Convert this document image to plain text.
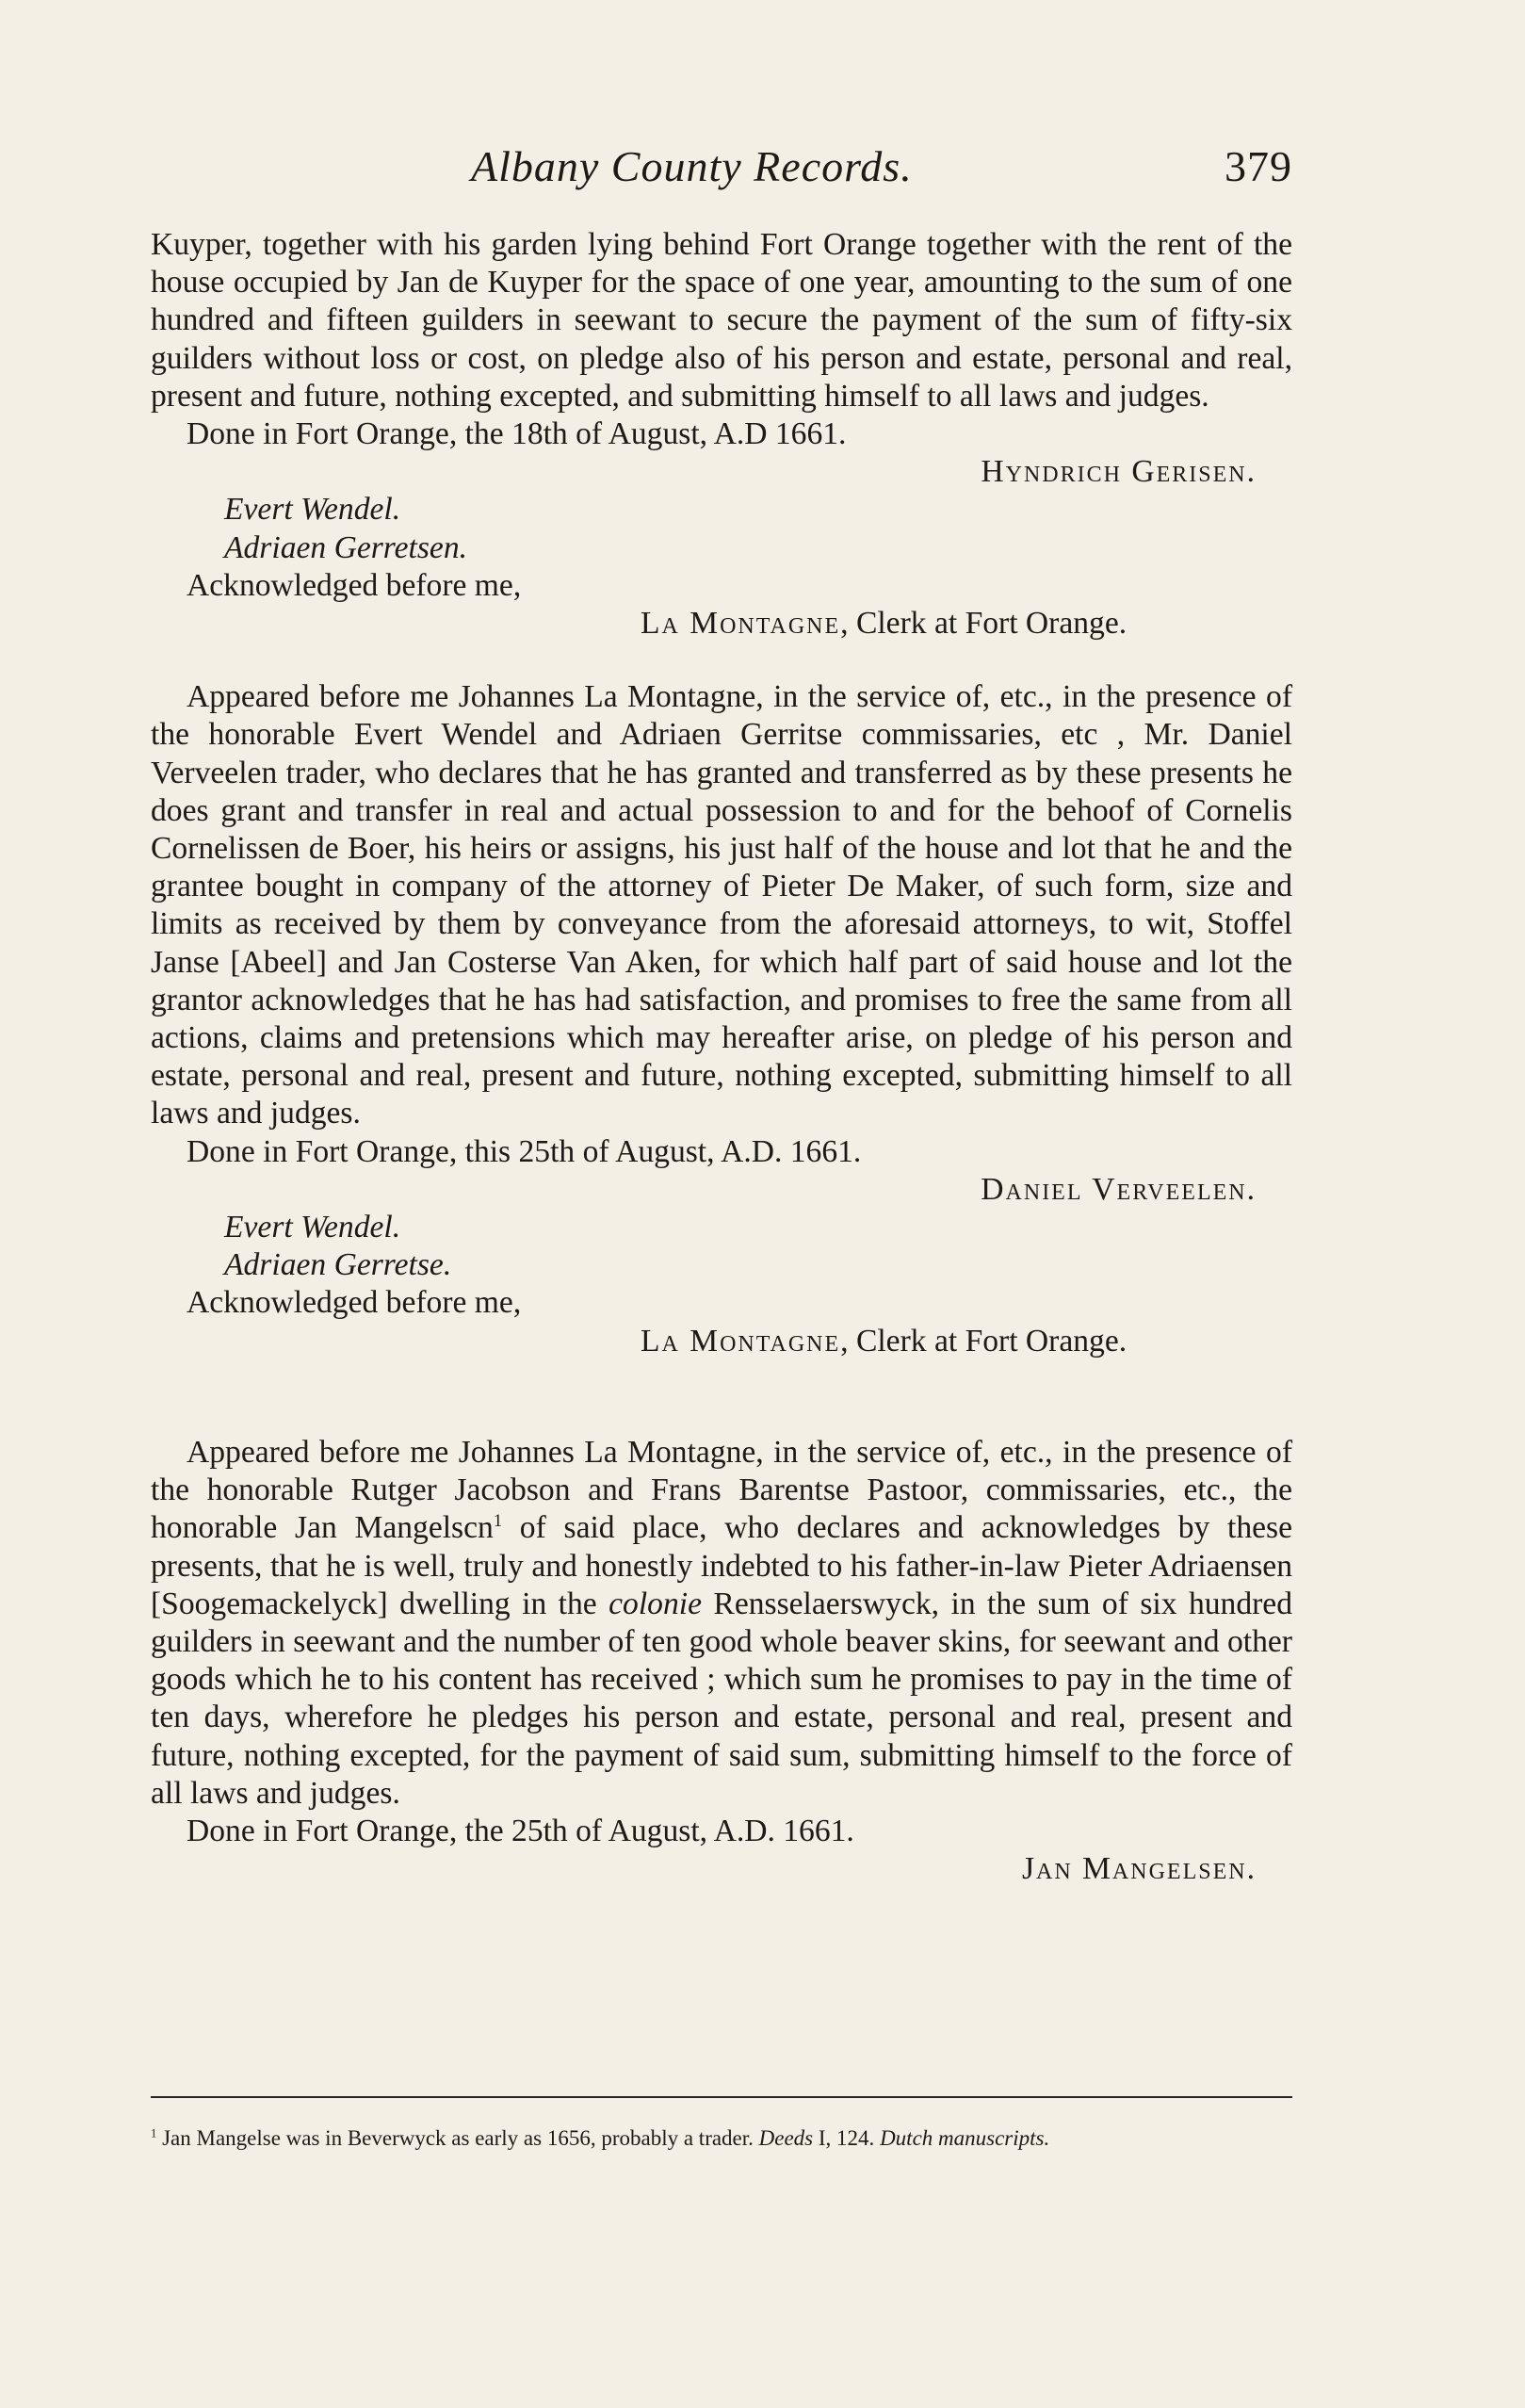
Albany County Records.	379

Kuyper, together with his garden lying behind Fort Orange together with the rent of the house occupied by Jan de Kuyper for the space of one year, amounting to the sum of one hundred and fifteen guilders in seewant to secure the payment of the sum of fifty-six guilders without loss or cost, on pledge also of his person and estate, personal and real, present and future, nothing excepted, and submitting himself to all laws and judges.

Done in Fort Orange, the 18th of August, A.D 1661.

Hyndrich Gerisen.

Evert Wendel.

Adriaen Gerretsen.

Acknowledged before me,

La Montagne, Clerk at Fort Orange.

Appeared before me Johannes La Montagne, in the service of, etc., in the presence of the honorable Evert Wendel and Adriaen Gerritse commissaries, etc , Mr. Daniel Verveelen trader, who declares that he has granted and transferred as by these presents he does grant and transfer in real and actual possession to and for the behoof of Cornelis Cornelissen de Boer, his heirs or assigns, his just half of the house and lot that he and the grantee bought in company of the attorney of Pieter De Maker, of such form, size and limits as received by them by conveyance from the aforesaid attorneys, to wit, Stoffel Janse [Abeel] and Jan Costerse Van Aken, for which half part of said house and lot the grantor acknowledges that he has had satisfaction, and promises to free the same from all actions, claims and pretensions which may hereafter arise, on pledge of his person and estate, personal and real, present and future, nothing excepted, submitting himself to all laws and judges.

Done in Fort Orange, this 25th of August, A.D. 1661.

Daniel Verveelen.

Evert Wendel.

Adriaen Gerretse.

Acknowledged before me,

La Montagne, Clerk at Fort Orange.

Appeared before me Johannes La Montagne, in the service of, etc., in the presence of the honorable Rutger Jacobson and Frans Barentse Pastoor, commissaries, etc., the honorable Jan Mangelscn$^1$ of said place, who declares and acknowledges by these presents, that he is well, truly and honestly indebted to his father-in-law Pieter Adriaensen [Soogemackelyck] dwelling in the colonie Rensselaerswyck, in the sum of six hundred guilders in seewant and the number of ten good whole beaver skins, for seewant and other goods which he to his content has received ; which sum he promises to pay in the time of ten days, wherefore he pledges his person and estate, personal and real, present and future, nothing excepted, for the payment of said sum, submitting himself to the force of all laws and judges.

Done in Fort Orange, the 25th of August, A.D. 1661.

Jan Mangelsen.

$^1$ Jan Mangelse was in Beverwyck as early as 1656, probably a trader. Deeds I, 124. Dutch manuscripts.
